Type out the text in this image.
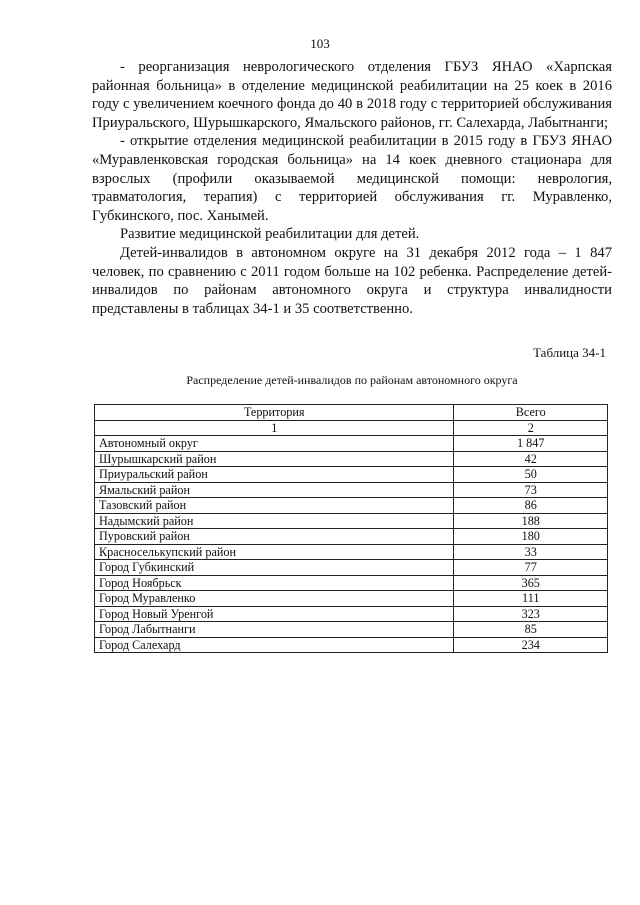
103

- реорганизация неврологического отделения ГБУЗ ЯНАО «Харпская районная больница» в отделение медицинской реабилитации на 25 коек в 2016 году с увеличением коечного фонда до 40 в 2018 году с территорией обслуживания Приуральского, Шурышкарского, Ямальского районов, гг. Салехарда, Лабытнанги;

- открытие отделения медицинской реабилитации в 2015 году в ГБУЗ ЯНАО «Муравленковская городская больница» на 14 коек дневного стационара для взрослых (профили оказываемой медицинской помощи: неврология, травматология, терапия) с территорией обслуживания гг. Муравленко, Губкинского, пос. Ханымей.

Развитие медицинской реабилитации для детей.

Детей-инвалидов в автономном округе на 31 декабря 2012 года – 1 847 человек, по сравнению с 2011 годом больше на 102 ребенка. Распределение детей-инвалидов по районам автономного округа и структура инвалидности представлены в таблицах 34-1 и 35 соответственно.

Таблица 34-1
Распределение детей-инвалидов по районам автономного округа
Территория	Всего
1	2
Автономный округ	1 847
Шурышкарский район	42
Приуральский район	50
Ямальский район	73
Тазовский район	86
Надымский район	188
Пуровский район	180
Красноселькупский район	33
Город Губкинский	77
Город Ноябрьск	365
Город Муравленко	111
Город Новый Уренгой	323
Город Лабытнанги	85
Город Салехард	234
